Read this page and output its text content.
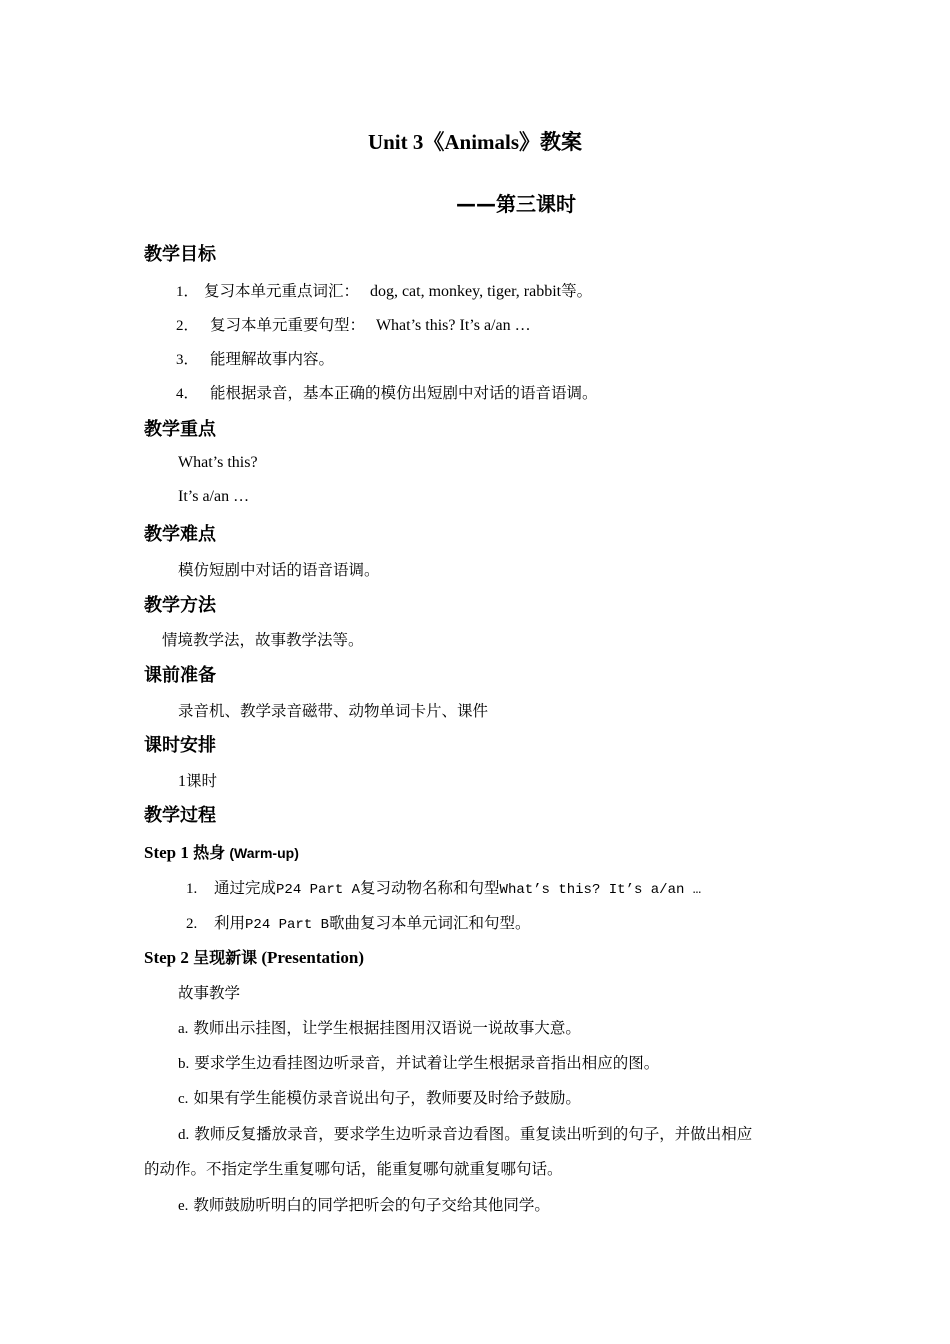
Unit 3《Animals》教案
——第三课时
教学目标
1． 复习本单元重点词汇： dog, cat, monkey, tiger, rabbit等。
2． 复习本单元重要句型： What’s this? It’s a/an …
3． 能理解故事内容。
4． 能根据录音，基本正确的模仿出短剧中对话的语音语调。
教学重点
What’s this?
It’s a/an …
教学难点
模仿短剧中对话的语音语调。
教学方法
情境教学法，故事教学法等。
课前准备
录音机、教学录音磁带、动物单词卡片、课件
课时安排
1课时
教学过程
Step 1 热身 (Warm-up)
1. 通过完成P24 Part A复习动物名称和句型What’s this? It’s a/an …
2. 利用P24 Part B歌曲复习本单元词汇和句型。
Step 2 呈现新课 (Presentation)
故事教学
a. 教师出示挂图，让学生根据挂图用汉语说一说故事大意。
b. 要求学生边看挂图边听录音，并试着让学生根据录音指出相应的图。
c. 如果有学生能模仿录音说出句子，教师要及时给予鼓励。
d. 教师反复播放录音，要求学生边听录音边看图。重复读出听到的句子，并做出相应
的动作。不指定学生重复哪句话，能重复哪句就重复哪句话。
e. 教师鼓励听明白的同学把听会的句子交给其他同学。
